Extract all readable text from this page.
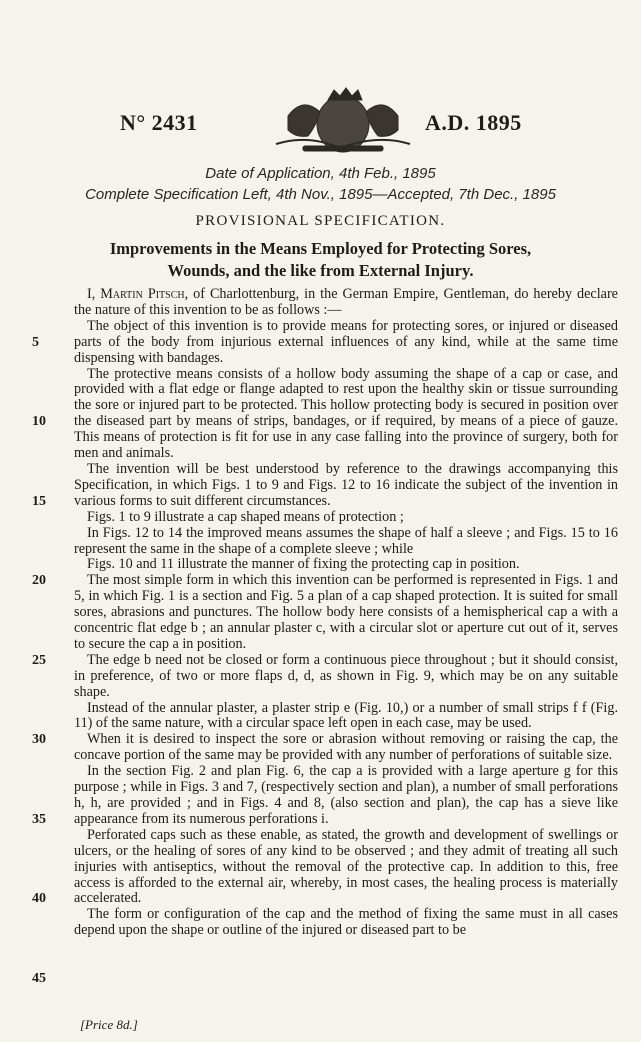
N° 2431	A.D. 1895
Date of Application, 4th Feb., 1895
Complete Specification Left, 4th Nov., 1895—Accepted, 7th Dec., 1895
PROVISIONAL SPECIFICATION.
Improvements in the Means Employed for Protecting Sores,
Wounds, and the like from External Injury.
5
10
15
20
25
30
35
40
45

I, Martin Pitsch, of Charlottenburg, in the German Empire, Gentleman, do hereby declare the nature of this invention to be as follows :—

The object of this invention is to provide means for protecting sores, or injured or diseased parts of the body from injurious external influences of any kind, while at the same time dispensing with bandages.

The protective means consists of a hollow body assuming the shape of a cap or case, and provided with a flat edge or flange adapted to rest upon the healthy skin or tissue surrounding the sore or injured part to be protected. This hollow protecting body is secured in position over the diseased part by means of strips, bandages, or if required, by means of a piece of gauze. This means of protection is fit for use in any case falling into the province of surgery, both for men and animals.

The invention will be best understood by reference to the drawings accompanying this Specification, in which Figs. 1 to 9 and Figs. 12 to 16 indicate the subject of the invention in various forms to suit different circumstances.

Figs. 1 to 9 illustrate a cap shaped means of protection ;

In Figs. 12 to 14 the improved means assumes the shape of half a sleeve ; and Figs. 15 to 16 represent the same in the shape of a complete sleeve ; while

Figs. 10 and 11 illustrate the manner of fixing the protecting cap in position.

The most simple form in which this invention can be performed is represented in Figs. 1 and 5, in which Fig. 1 is a section and Fig. 5 a plan of a cap shaped protection. It is suited for small sores, abrasions and punctures. The hollow body here consists of a hemispherical cap a with a concentric flat edge b ; an annular plaster c, with a circular slot or aperture cut out of it, serves to secure the cap a in position.

The edge b need not be closed or form a continuous piece throughout ; but it should consist, in preference, of two or more flaps d, d, as shown in Fig. 9, which may be on any suitable shape.

Instead of the annular plaster, a plaster strip e (Fig. 10,) or a number of small strips f f (Fig. 11) of the same nature, with a circular space left open in each case, may be used.

When it is desired to inspect the sore or abrasion without removing or raising the cap, the concave portion of the same may be provided with any number of perforations of suitable size.

In the section Fig. 2 and plan Fig. 6, the cap a is provided with a large aperture g for this purpose ; while in Figs. 3 and 7, (respectively section and plan), a number of small perforations h, h, are provided ; and in Figs. 4 and 8, (also section and plan), the cap has a sieve like appearance from its numerous perforations i.

Perforated caps such as these enable, as stated, the growth and development of swellings or ulcers, or the healing of sores of any kind to be observed ; and they admit of treating all such injuries with antiseptics, without the removal of the protective cap. In addition to this, free access is afforded to the external air, whereby, in most cases, the healing process is materially accelerated.

The form or configuration of the cap and the method of fixing the same must in all cases depend upon the shape or outline of the injured or diseased part to be

[Price 8d.]
